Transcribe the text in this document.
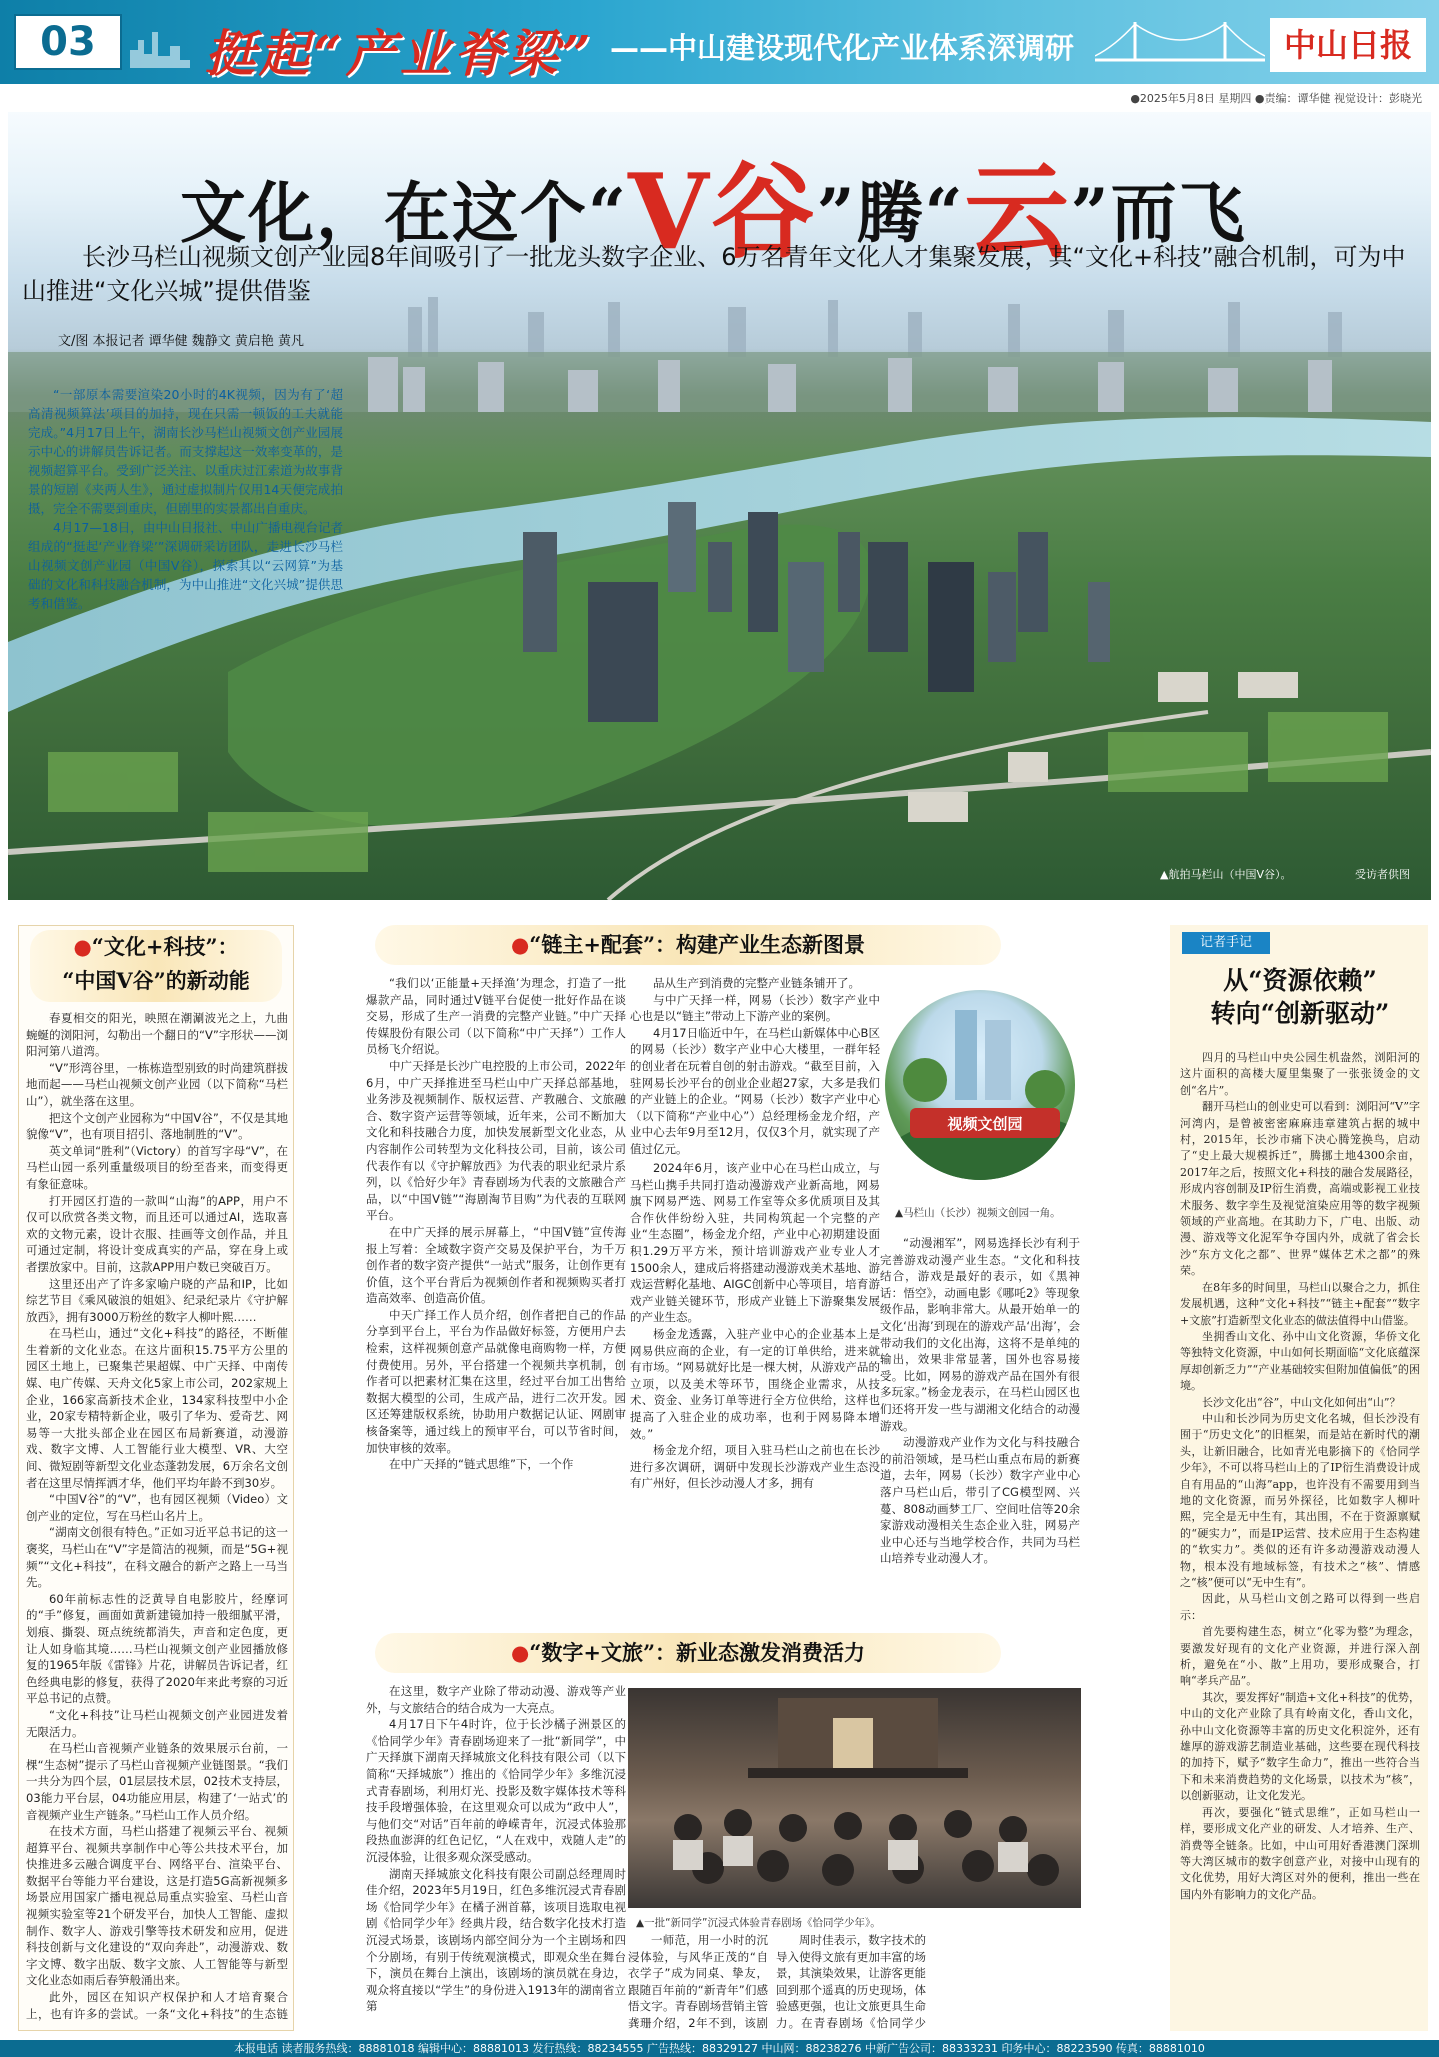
03	挺起“产业脊梁” ——中山建设现代化产业体系深调研	中山日报
●2025年5月8日 星期四 ●责编：谭华健 视觉设计：彭晓光
文化，在这个“V谷”腾“云”而飞
长沙马栏山视频文创产业园8年间吸引了一批龙头数字企业、6万名青年文化人才集聚发展，其“文化+科技”融合机制，可为中山推进“文化兴城”提供借鉴
文/图 本报记者 谭华健 魏静文 黄启艳 黄凡

“一部原本需要渲染20小时的4K视频，因为有了‘超高清视频算法’项目的加持，现在只需一顿饭的工夫就能完成。”4月17日上午，湖南长沙马栏山视频文创产业园展示中心的讲解员告诉记者。而支撑起这一效率变革的，是视频超算平台。受到广泛关注、以重庆过江索道为故事背景的短剧《夹两人生》，通过虚拟制片仅用14天便完成拍摄，完全不需要到重庆，但剧里的实景都出自重庆。

4月17—18日，由中山日报社、中山广播电视台记者组成的“挺起‘产业脊梁’”深调研采访团队，走进长沙马栏山视频文创产业园（中国V谷），探索其以“云网算”为基础的文化和科技融合机制，为中山推进“文化兴城”提供思考和借鉴。

▲航拍马栏山（中国V谷）。	受访者供图
●“文化+科技”：
“中国V谷”的新动能

春夏相交的阳光，映照在潮涮波光之上，九曲蜿蜒的浏阳河，勾勒出一个翻日的“V”字形状——浏阳河第八道湾。

“V”形湾谷里，一栋栋造型别致的时尚建筑群拔地而起——马栏山视频文创产业园（以下简称“马栏山”），就坐落在这里。

把这个文创产业园称为“中国V谷”，不仅是其地貌像“V”，也有项目招引、落地制胜的“V”。

英文单词“胜利”（Victory）的首写字母“V”，在马栏山园一系列重量级项目的纷至沓来，而变得更有象征意味。

打开园区打造的一款叫“山海”的APP，用户不仅可以欣赏各类文物，而且还可以通过AI，选取喜欢的文物元素，设计衣服、挂画等文创作品，并且可通过定制，将设计变成真实的产品，穿在身上或者摆放家中。目前，这款APP用户数已突破百万。

这里还出产了许多家喻户晓的产品和IP，比如综艺节目《乘风破浪的姐姐》、纪录纪录片《守护解放西》，拥有3000万粉丝的数字人柳叶熙……

在马栏山，通过“文化+科技”的路径，不断催生着新的文化业态。在这片面积15.75平方公里的园区土地上，已聚集芒果超媒、中广天择、中南传媒、电广传媒、天舟文化5家上市公司，202家规上企业，166家高新技术企业，134家科技型中小企业，20家专精特新企业，吸引了华为、爱奇艺、网易等一大批头部企业在园区布局新赛道，动漫游戏、数字文博、人工智能行业大模型、VR、大空间、微短剧等新型文化业态蓬勃发展，6万余名文创者在这里尽情挥洒才华，他们平均年龄不到30岁。

“中国V谷”的“V”，也有园区视频（Video）文创产业的定位，写在马栏山名片上。

“湖南文创很有特色。”正如习近平总书记的这一褒奖，马栏山在“V”字是简洁的视频，而是“5G+视频”“文化+科技”，在科文融合的新产之路上一马当先。

60年前标志性的泛黄导自电影胶片，经摩诃的“手”修复，画面如黄新建镜加持一般细腻平滑，划痕、撕裂、斑点统统都消失，声音和定色度，更让人如身临其境……马栏山视频文创产业园播放修复的1965年版《雷锋》片花，讲解员告诉记者，红色经典电影的修复，获得了2020年来此考察的习近平总书记的点赞。

“文化+科技”让马栏山视频文创产业园进发着无限活力。

在马栏山音视频产业链条的效果展示台前，一棵“生态树”提示了马栏山音视频产业链图景。“我们一共分为四个层，01层层技术层，02技术支持层，03能力平台层，04功能应用层，构建了‘一站式’的音视频产业生产链条。”马栏山工作人员介绍。

在技术方面，马栏山搭建了视频云平台、视频超算平台、视频共享制作中心等公共技术平台，加快推进多云融合调度平台、网络平台、渲染平台、数据平台等能力平台建设，这是打造5G高新视频多场景应用国家广播电视总局重点实验室、马栏山音视频实验室等21个研发平台，加快人工智能、虚拟制作、数字人、游戏引擎等技术研发和应用，促进科技创新与文化建设的“双向奔赴”，动漫游戏、数字文博、数字出版、数字文旅、人工智能等与新型文化业态如雨后春笋般涌出来。

此外，园区在知识产权保护和人才培育聚合上，也有许多的尝试。一条“文化+科技”的生态链

●“链主+配套”：构建产业生态新图景

“我们以‘正能量+天择渔’为理念，打造了一批爆款产品，同时通过V链平台促使一批好作品在谈交易，形成了生产一消费的完整产业链。”中广天择传媒股份有限公司（以下简称“中广天择”）工作人员杨飞介绍说。

中广天择是长沙广电控股的上市公司，2022年6月，中广天择推进至马栏山中广天择总部基地，业务涉及视频制作、版权运营、产教融合、文旅融合、数字资产运营等领域，近年来，公司不断加大文化和科技融合力度，加快发展新型文化业态，从内容制作公司转型为文化科技公司，目前，该公司代表作有以《守护解放西》为代表的职业纪录片系列，以《恰好少年》青春剧场为代表的文旅融合产品，以“中国V链”“海剧淘节目购”为代表的互联网平台。

在中广天择的展示屏幕上，“中国V链”宣传海报上写着：全域数字资产交易及保护平台，为千万创作者的数字资产提供“一站式”服务，让创作更有价值，这个平台背后为视频创作者和视频购买者打造高效率、创造高价值。

中天广择工作人员介绍，创作者把自己的作品分享到平台上，平台为作品做好标签，方便用户去检索，这样视频创意产品就像电商购物一样，方便付费使用。另外，平台搭建一个视频共享机制，创作者可以把素材汇集在这里，经过平台加工出售给数据大模型的公司，生成产品，进行二次开发。园区还筹建版权系统，协助用户数据记认证、网剧审核备案等，通过线上的预审平台，可以节省时间，加快审核的效率。

在中广天择的“链式思维”下，一个作

品从生产到消费的完整产业链条铺开了。

与中广天择一样，网易（长沙）数字产业中心也是以“链主”带动上下游产业的案例。

4月17日临近中午，在马栏山新媒体中心B区的网易（长沙）数字产业中心大楼里，一群年轻的创业者在玩着自创的射击游戏。“截至目前，入驻网易长沙平台的创业企业超27家，大多是我们的产业链上的企业。“网易（长沙）数字产业中心（以下简称“产业中心”）总经理杨金龙介绍，产业中心去年9月至12月，仅仅3个月，就实现了产值过亿元。

视频文创园
▲马栏山（长沙）视频文创园一角。

2024年6月，该产业中心在马栏山成立，与马栏山携手共同打造动漫游戏产业新高地，网易旗下网易严选、网易工作室等众多优质项目及其合作伙伴纷纷入驻，共同构筑起一个完整的产业“生态圈”，杨金龙介绍，产业中心初期建设面积1.29万平方米，预计培训游戏产业专业人才1500余人，建成后将搭建动漫游戏美术基地、游戏运营孵化基地、AIGC创新中心等项目，培育游戏产业链关键环节，形成产业链上下游聚集发展的产业生态。

杨金龙透露，入驻产业中心的企业基本上是网易供应商的企业，有一定的订单供给，进来就有市场。“网易就好比是一棵大树，从游戏产品的立项，以及美术等环节，围绕企业需求，从技术、资金、业务订单等进行全方位供给，这样也提高了入驻企业的成功率，也利于网易降本增效。”

杨金龙介绍，项目入驻马栏山之前也在长沙进行多次调研，调研中发现长沙游戏产业生态没有广州好，但长沙动漫人才多，拥有

“动漫湘军”，网易选择长沙有利于完善游戏动漫产业生态。“文化和科技结合，游戏是最好的表示，如《黑神话：悟空》，动画电影《哪吒2》等现象级作品，影响非常大。从最开始单一的文化‘出海’到现在的游戏产品‘出海’，会带动我们的文化出海，这将不是单纯的输出，效果非常显著，国外也容易接受。比如，网易的游戏产品在国外有很多玩家。”杨金龙表示，在马栏山园区也们还将开发一些与湖湘文化结合的动漫游戏。

动漫游戏产业作为文化与科技融合的前沿领域，是马栏山重点布局的新赛道，去年，网易（长沙）数字产业中心落户马栏山后，带引了CG模型网、兴蔓、808动画梦工厂、空间吐信等20余家游戏动漫相关生态企业入驻，网易产业中心还与当地学校合作，共同为马栏山培养专业动漫人才。

●“数字+文旅”：新业态激发消费活力

在这里，数字产业除了带动动漫、游戏等产业外，与文旅结合的结合成为一大亮点。

4月17日下午4时许，位于长沙橘子洲景区的《恰同学少年》青春剧场迎来了一批“新同学”，中广天择旗下湖南天择城旅文化科技有限公司（以下简称“天择城旅”）推出的《恰同学少年》多维沉浸式青春剧场，利用灯光、投影及数字媒体技术等科技手段增强体验，在这里观众可以成为“政中人”，与他们交“对话”百年前的峥嵘青年，沉浸式体验那段热血澎湃的红色记忆，“人在戏中，戏随人走”的沉浸体验，让很多观众深受感动。

湖南天择城旅文化科技有限公司副总经理周时佳介绍，2023年5月19日，红色多维沉浸式青春剧场《恰同学少年》在橘子洲首幕，该项目选取电视剧《恰同学少年》经典片段，结合数字化技术打造沉浸式场景，该剧场内部空间分为一个主剧场和四个分剧场，有别于传统观演模式，即观众坐在舞台下，演员在舞台上演出，该剧场的演员就在身边，观众将直接以“学生”的身份进入1913年的湖南省立第

▲一批“新同学”沉浸式体验青春剧场《恰同学少年》。

一师范，用一小时的沉浸体验，与风华正茂的“自衣学子”成为同桌、挚友，跟随百年前的“新青年”们感悟文字。青春剧场营销主管龚珊介绍，2年不到，该剧

周时佳表示，数字技术的导入使得文旅有更加丰富的场景，其演染效果，让游客更能回到那个遥真的历史现场，体验感更强，也让文旅更具生命力。在青春剧场《恰同学少

记者手记
从“资源依赖”
转向“创新驱动”

四月的马栏山中央公园生机盎然，浏阳河的这片面积的高楼大厦里集聚了一张张烫金的文创“名片”。

翻开马栏山的创业史可以看到：浏阳河“V”字河湾内，是曾被密密麻麻违章建筑占据的城中村，2015年，长沙市痛下决心腾笼换鸟，启动了“史上最大规模拆迁”，腾挪土地4300余亩，2017年之后，按照文化+科技的融合发展路径，形成内容创制及IP衍生消费，高端或影视工业技术服务、数字孪生及视觉渲染应用等的数字视频领域的产业高地。在其助力下，广电、出版、动漫、游戏等文化泥军争夺国内外，成就了省会长沙“东方文化之都”、世界“媒体艺术之都”的殊荣。

在8年多的时间里，马栏山以聚合之力，抓住发展机遇，这种“文化+科技”“链主+配套”“数字+文旅”打造新型文化业态的做法值得中山借鉴。

坐拥香山文化、孙中山文化资源，华侨文化等独特文化资源，中山如何长期面临“文化底蕴深厚却创新乏力”“产业基础较实但附加值偏低”的困境。

长沙文化出“谷”，中山文化如何出“山”？

中山和长沙同为历史文化名城，但长沙没有囿于“历史文化”的旧框架，而是站在新时代的潮头，让新旧融合，比如青光电影摘下的《恰同学少年》，不可以将马栏山上的了IP衍生消费设计成自有用品的“山海”app，也许没有不需要用到当地的文化资源，而另外探径，比如数字人柳叶熙，完全是无中生有，其出围，不在于资源禀赋的“硬实力”，而是IP运营、技术应用于生态构建的“软实力”。类似的还有许多动漫游戏动漫人物，根本没有地域标签，有技术之“核”、情感之“核”便可以“无中生有”。

因此，从马栏山文创之路可以得到一些启示：

首先要构建生态，树立“化零为整”为理念，要激发好现有的文化产业资源，并进行深入剖析，避免在“小、散”上用功，要形成聚合，打响“孝兵产品”。

其次，要发挥好“制造+文化+科技”的优势，中山的文化产业除了具有岭南文化，香山文化，孙中山文化资源等丰富的历史文化积淀外，还有雄厚的游戏游艺制造业基础，这些要在现代科技的加持下，赋予“数字生命力”，推出一些符合当下和未来消费趋势的文化场景，以技术为“核”，以创新驱动，让文化发光。

再次，要强化“链式思维”，正如马栏山一样，要形成文化产业的研发、人才培养、生产、消费等全链条。比如，中山可用好香港澳门深圳等大湾区城市的数字创意产业，对接中山现有的文化优势，用好大湾区对外的便利，推出一些在国内外有影响力的文化产品。

本报电话 读者服务热线：88881018 编辑中心：88881013 发行热线：88234555 广告热线：88329127 中山网：88238276 中新广告公司：88333231 印务中心：88223590 传真：88881010
